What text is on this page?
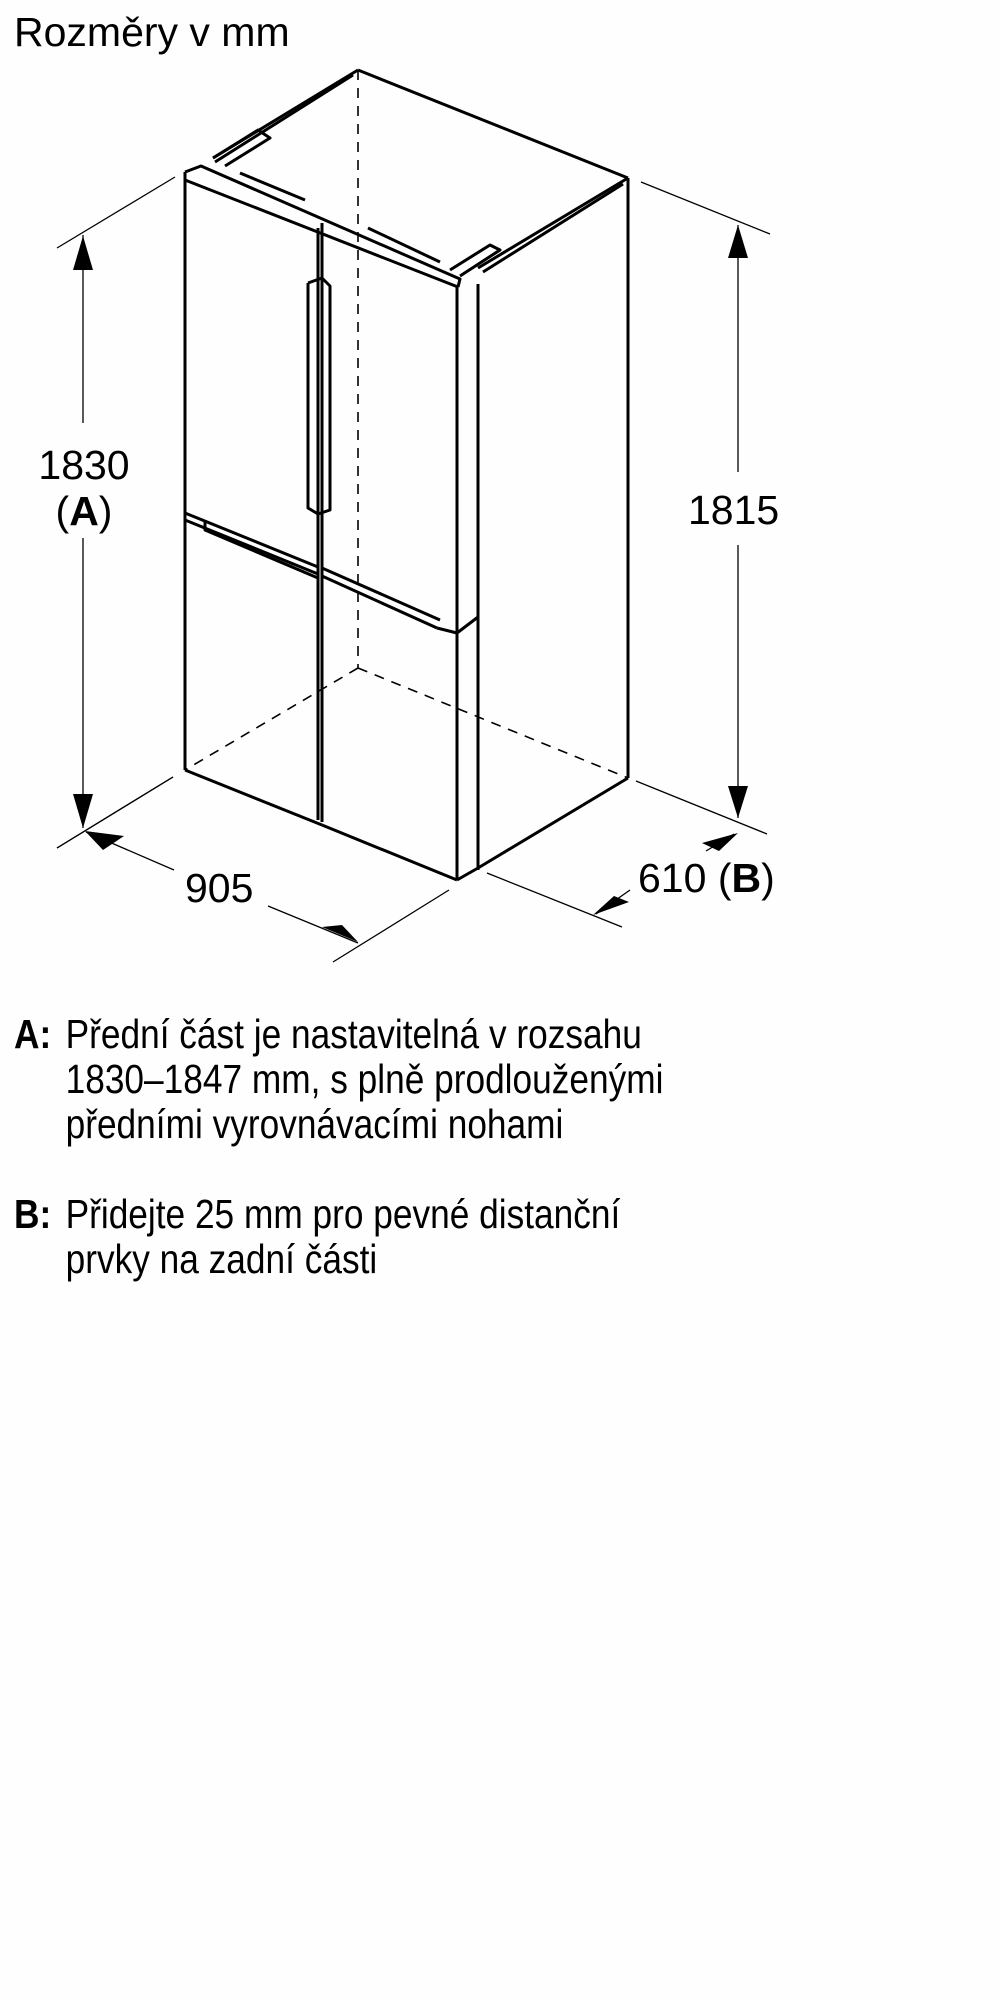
Rozměry v mm
1830
(A)	1815
905	610 (B)
A: Přední část je nastavitelná v rozsahu
1830–1847 mm, s plně prodlouženými
předními vyrovnávacími nohami
B: Přidejte 25 mm pro pevné distanční
prvky na zadní části
